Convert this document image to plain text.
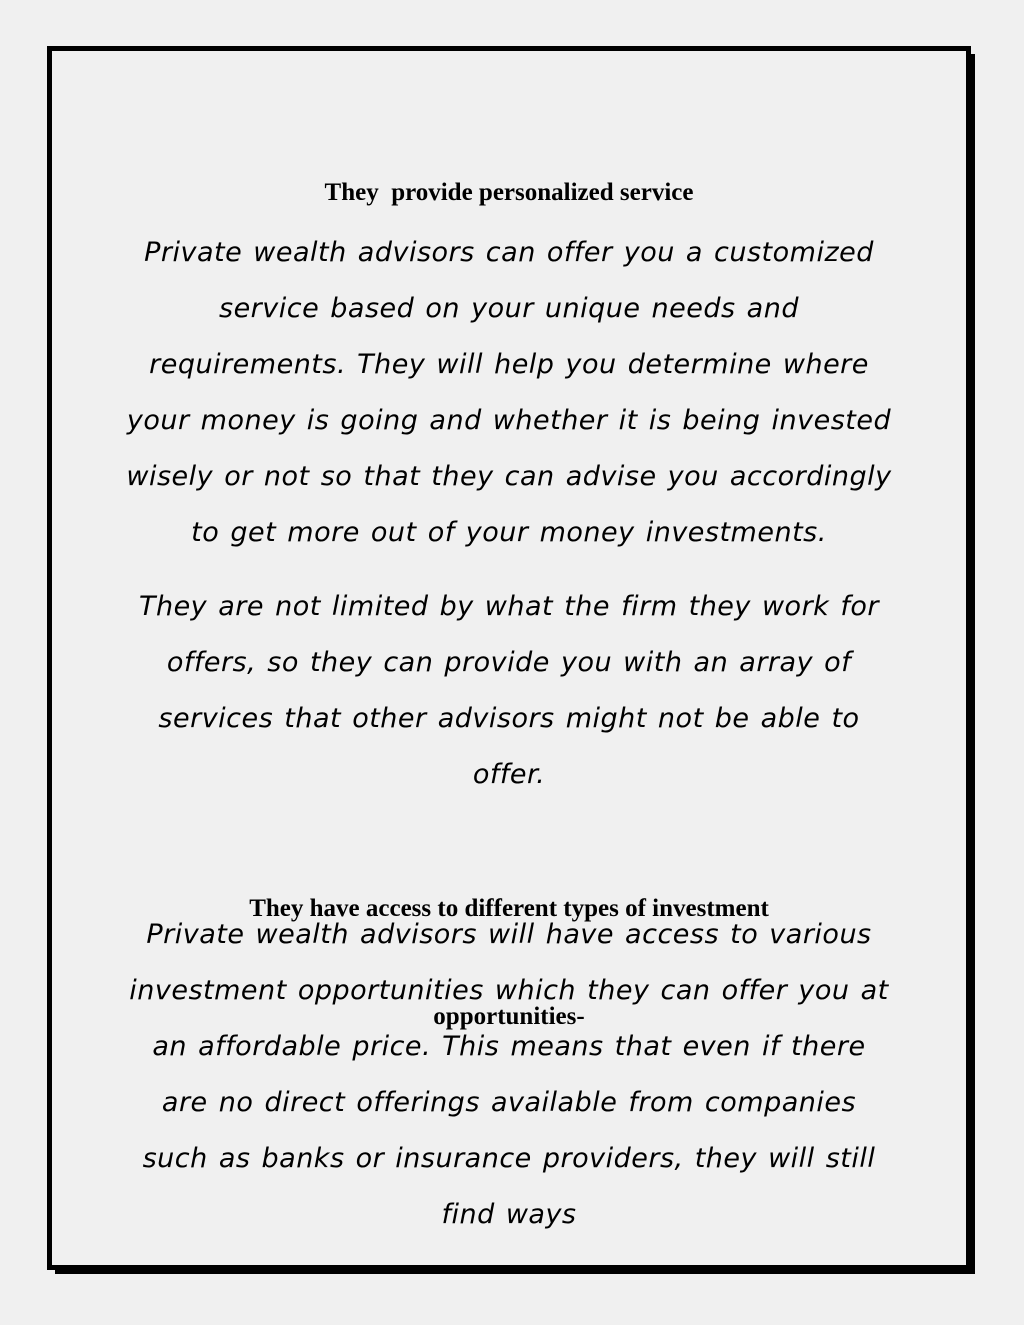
They  provide personalized service
Private wealth advisors can offer you a customized service based on your unique needs and requirements. They will help you determine where your money is going and whether it is being invested wisely or not so that they can advise you accordingly to get more out of your money investments.
They are not limited by what the firm they work for offers, so they can provide you with an array of services that other advisors might not be able to offer.

They have access to different types of investment

opportunities-

Private wealth advisors will have access to various investment opportunities which they can offer you at an affordable price. This means that even if there are no direct offerings available from companies such as banks or insurance providers, they will still find ways
